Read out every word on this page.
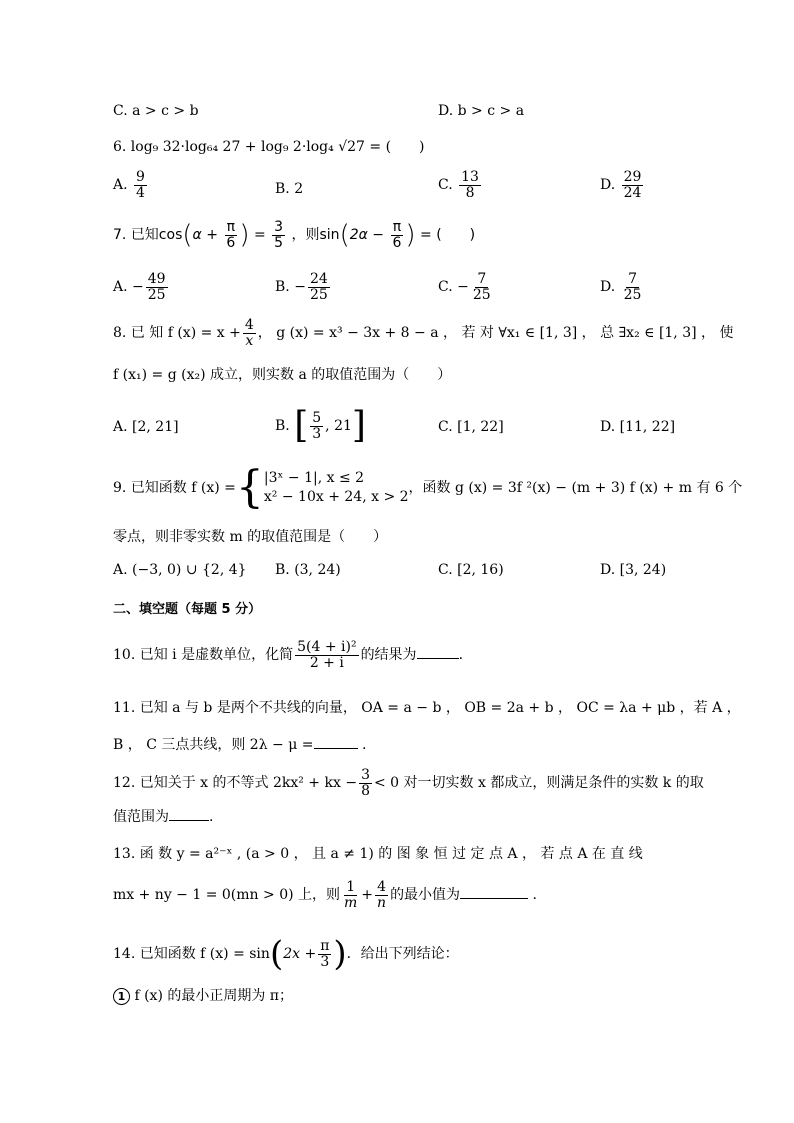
C. a > c > b	D. b > c > a
6. log₉ 32·log₆₄ 27 + log₉ 2·log₄ √27 = (　　)
A. $\frac{9}{4}$	B. 2	C. $\frac{13}{8}$	D. $\frac{29}{24}$
7. 已知$\cos(\alpha + \frac{\pi}{6}$ ) = $\frac{3}{5}$ ，则$\sin(2\alpha - \frac{\pi}{6}$ ) = (　　)
A. − $\frac{49}{25}$	B. − $\frac{24}{25}$	C. − $\frac{7}{25}$	D. $\frac{7}{25}$
8. 已 知 f $(x) = x + \frac{4}{x}$ ， g (x) = x³ − 3x + 8 − a ， 若 对 ∀x₁ ∈ [1, 3] ， 总 ∃x₂ ∈ [1, 3] ， 使
f (x₁) = g (x₂) 成立，则实数 a 的取值范围为（　　）
A. [2, 21]	B. [ $\frac{5}{3}$ , 21]	C. [1, 22]	D. [11, 22]
9. 已知函数 f (x) ={ |3ˣ − 1|, x ≤ 2
x² − 10x + 24, x > 2
，函数 g (x) = 3f ²(x) − (m + 3) f (x) + m 有 6 个
零点，则非零实数 m 的取值范围是（　　）
A. (−3, 0) ∪ {2, 4} B. (3, 24)	C. [2, 16)	D. [3, 24)
二、填空题（每题 5 分）
10. 已知 i 是虚数单位，化简 $\frac{\text{5(4 + i)²}}{2 + i}$ 的结果为	.
11. 已知 a 与 b 是两个不共线的向量， OA = a − b ， OB = 2a + b ， OC = λa + μb ，若 A ，
B ， C 三点共线，则 2λ − μ =	.
12. 已知关于 x 的不等式 2kx² + kx − $\frac{3}{8} < 0$ 对一切实数 x 都成立，则满足条件的实数 k 的取
值范围为	.
13. 函 数 y = a²⁻ˣ , (a > 0 ， 且 a ≠ 1) 的 图 象 恒 过 定 点 A ， 若 点 A 在 直 线
mx + ny − 1 = 0(mn > 0) 上，则 $\frac{1}{m} + \frac{4}{n}$ 的最小值为	.
14. 已知函数 f $(x) = \sin(2x + \frac{\pi}{3}$ )．给出下列结论：
1 f (x) 的最小正周期为 π；
